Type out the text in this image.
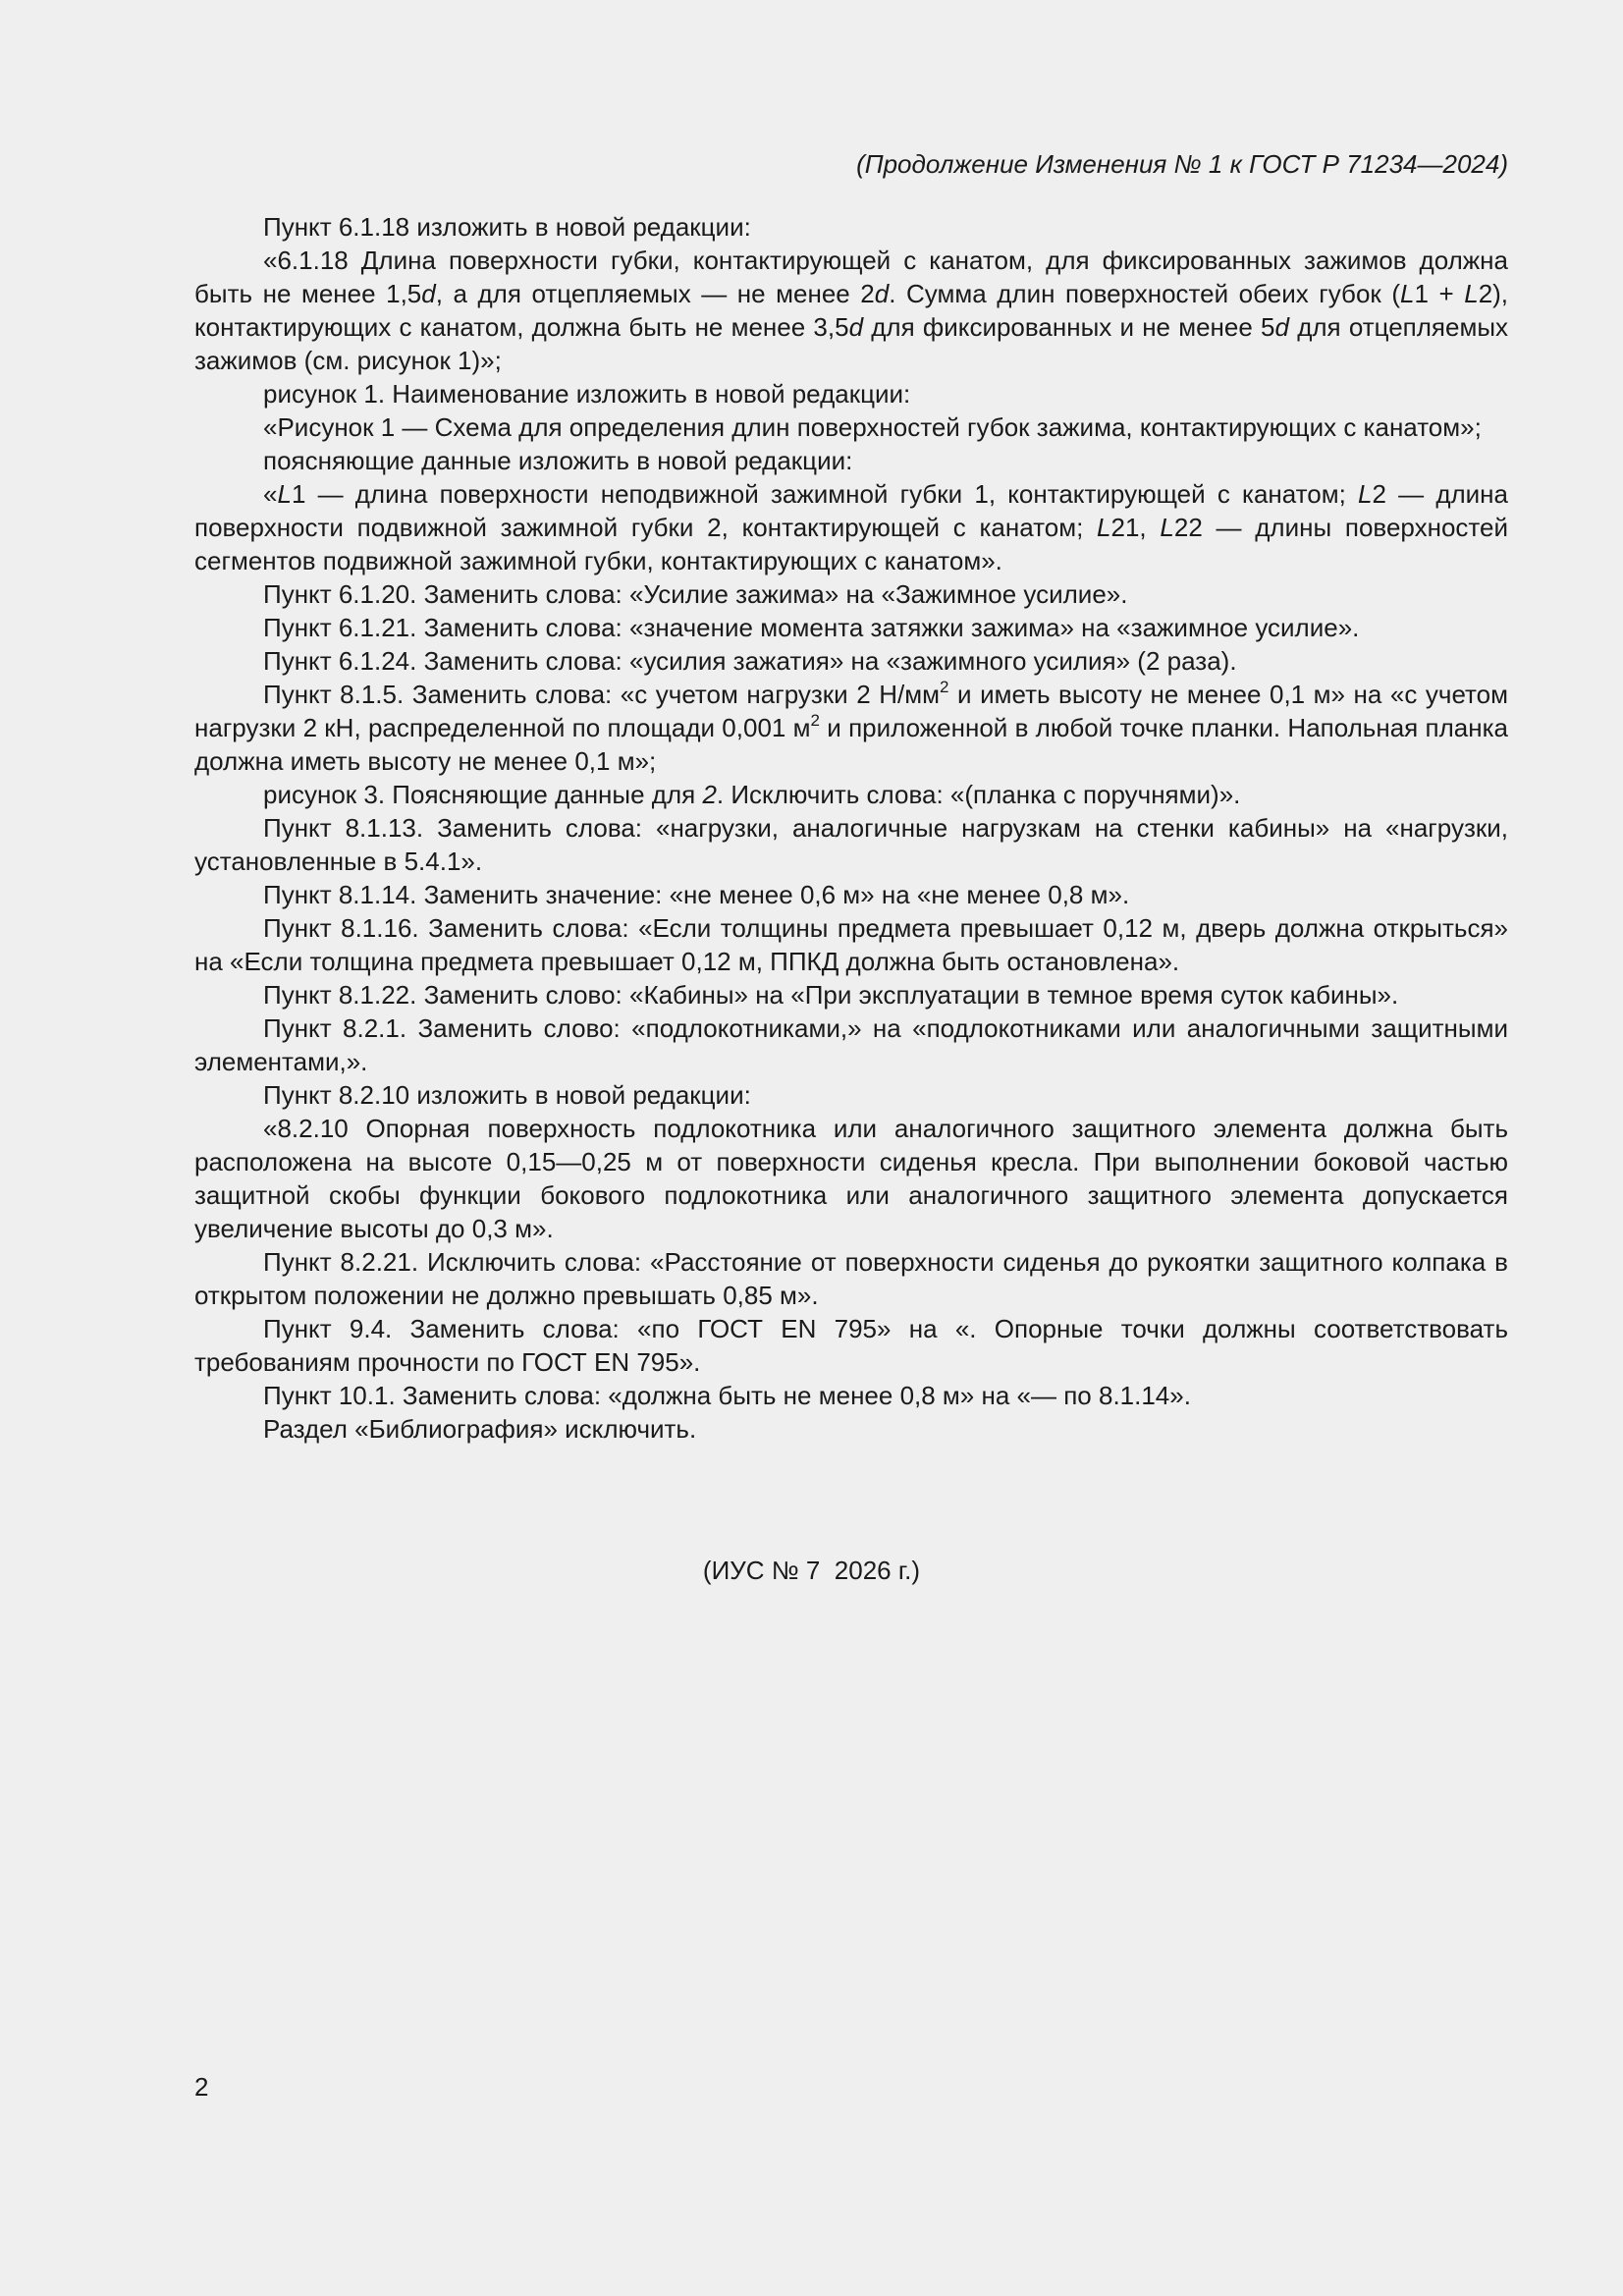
(Продолжение Изменения № 1 к ГОСТ Р 71234—2024)

Пункт 6.1.18 изложить в новой редакции:

«6.1.18 Длина поверхности губки, контактирующей с канатом, для фиксированных зажимов должна быть не менее 1,5d, а для отцепляемых — не менее 2d. Сумма длин поверхностей обеих губок (L1 + L2), контактирующих с канатом, должна быть не менее 3,5d для фиксированных и не менее 5d для отцепляемых зажимов (см. рисунок 1)»;

рисунок 1. Наименование изложить в новой редакции:

«Рисунок 1 — Схема для определения длин поверхностей губок зажима, контактирующих с канатом»;

поясняющие данные изложить в новой редакции:

«L1 — длина поверхности неподвижной зажимной губки 1, контактирующей с канатом; L2 — длина поверхности подвижной зажимной губки 2, контактирующей с канатом; L21, L22 — длины поверхностей сегментов подвижной зажимной губки, контактирующих с канатом».

Пункт 6.1.20. Заменить слова: «Усилие зажима» на «Зажимное усилие».

Пункт 6.1.21. Заменить слова: «значение момента затяжки зажима» на «зажимное усилие».

Пункт 6.1.24. Заменить слова: «усилия зажатия» на «зажимного усилия» (2 раза).

Пункт 8.1.5. Заменить слова: «с учетом нагрузки 2 $Н/мм^2$ и иметь высоту не менее 0,1 м» на «с учетом нагрузки 2 кН, распределенной по площади 0,001 $м^2$ и приложенной в любой точке планки. Напольная планка должна иметь высоту не менее 0,1 м»;

рисунок 3. Поясняющие данные для 2. Исключить слова: «(планка с поручнями)».

Пункт 8.1.13. Заменить слова: «нагрузки, аналогичные нагрузкам на стенки кабины» на «нагрузки, установленные в 5.4.1».

Пункт 8.1.14. Заменить значение: «не менее 0,6 м» на «не менее 0,8 м».

Пункт 8.1.16. Заменить слова: «Если толщины предмета превышает 0,12 м, дверь должна открыться» на «Если толщина предмета превышает 0,12 м, ППКД должна быть остановлена».

Пункт 8.1.22. Заменить слово: «Кабины» на «При эксплуатации в темное время суток кабины».

Пункт 8.2.1. Заменить слово: «подлокотниками,» на «подлокотниками или аналогичными защитными элементами,».

Пункт 8.2.10 изложить в новой редакции:

«8.2.10 Опорная поверхность подлокотника или аналогичного защитного элемента должна быть расположена на высоте 0,15—0,25 м от поверхности сиденья кресла. При выполнении боковой частью защитной скобы функции бокового подлокотника или аналогичного защитного элемента допускается увеличение высоты до 0,3 м».

Пункт 8.2.21. Исключить слова: «Расстояние от поверхности сиденья до рукоятки защитного колпака в открытом положении не должно превышать 0,85 м».

Пункт 9.4. Заменить слова: «по ГОСТ EN 795» на «. Опорные точки должны соответствовать требованиям прочности по ГОСТ EN 795».

Пункт 10.1. Заменить слова: «должна быть не менее 0,8 м» на «— по 8.1.14».

Раздел «Библиография» исключить.

(ИУС № 7  2026 г.)
2
